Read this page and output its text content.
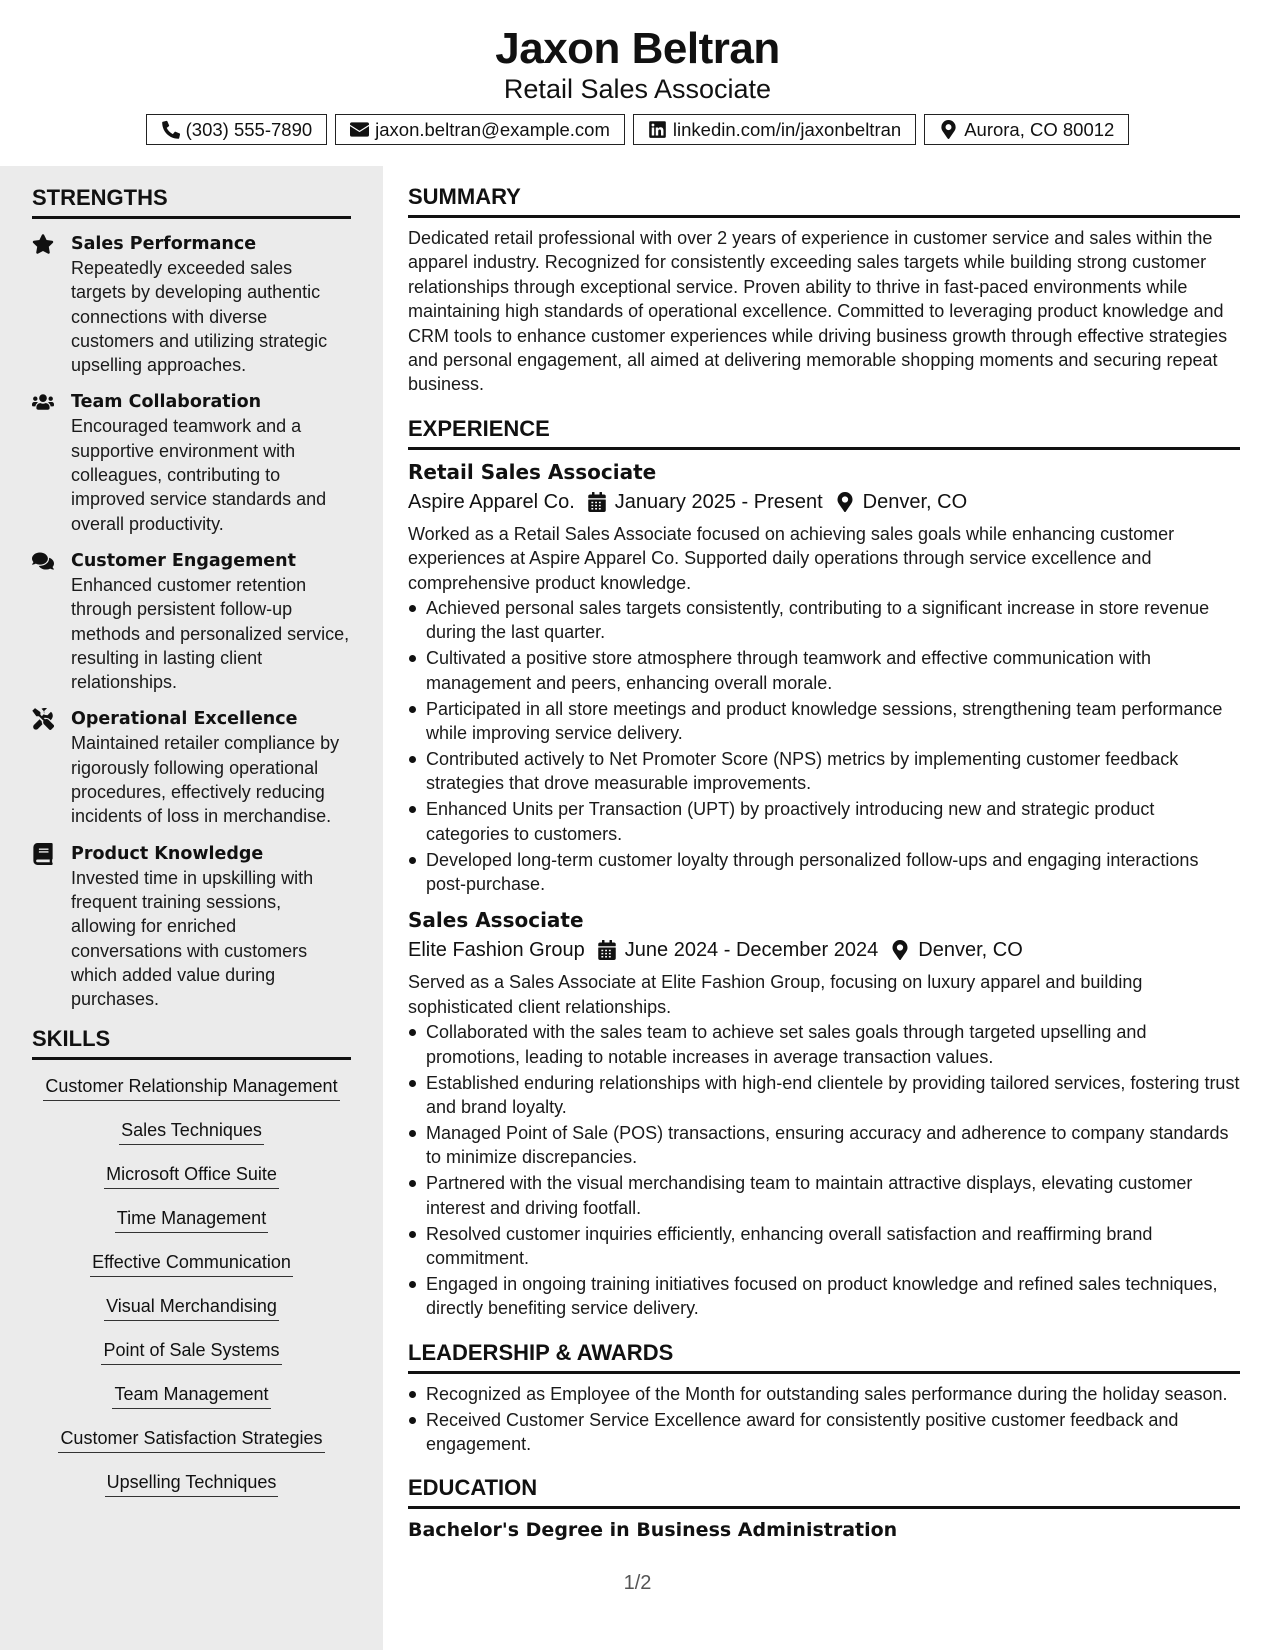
Jaxon Beltran
Retail Sales Associate
(303) 555-7890	jaxon.beltran@example.com	linkedin.com/in/jaxonbeltran	Aurora, CO 80012
STRENGTHS
Sales Performance
Repeatedly exceeded sales targets by developing authentic connections with diverse customers and utilizing strategic upselling approaches.
Team Collaboration
Encouraged teamwork and a supportive environment with colleagues, contributing to improved service standards and overall productivity.
Customer Engagement
Enhanced customer retention through persistent follow-up methods and personalized service, resulting in lasting client relationships.
Operational Excellence
Maintained retailer compliance by rigorously following operational procedures, effectively reducing incidents of loss in merchandise.
Product Knowledge
Invested time in upskilling with frequent training sessions, allowing for enriched conversations with customers which added value during purchases.
SKILLS
Customer Relationship Management
Sales Techniques
Microsoft Office Suite
Time Management
Effective Communication
Visual Merchandising
Point of Sale Systems
Team Management
Customer Satisfaction Strategies
Upselling Techniques
SUMMARY
Dedicated retail professional with over 2 years of experience in customer service and sales within the apparel industry. Recognized for consistently exceeding sales targets while building strong customer relationships through exceptional service. Proven ability to thrive in fast-paced environments while maintaining high standards of operational excellence. Committed to leveraging product knowledge and CRM tools to enhance customer experiences while driving business growth through effective strategies and personal engagement, all aimed at delivering memorable shopping moments and securing repeat business.
EXPERIENCE
Retail Sales Associate
Aspire Apparel Co. January 2025 - Present Denver, CO
Worked as a Retail Sales Associate focused on achieving sales goals while enhancing customer experiences at Aspire Apparel Co. Supported daily operations through service excellence and comprehensive product knowledge.
Achieved personal sales targets consistently, contributing to a significant increase in store revenue during the last quarter.
Cultivated a positive store atmosphere through teamwork and effective communication with management and peers, enhancing overall morale.
Participated in all store meetings and product knowledge sessions, strengthening team performance while improving service delivery.
Contributed actively to Net Promoter Score (NPS) metrics by implementing customer feedback strategies that drove measurable improvements.
Enhanced Units per Transaction (UPT) by proactively introducing new and strategic product categories to customers.
Developed long-term customer loyalty through personalized follow-ups and engaging interactions post-purchase.
Sales Associate
Elite Fashion Group June 2024 - December 2024 Denver, CO
Served as a Sales Associate at Elite Fashion Group, focusing on luxury apparel and building sophisticated client relationships.
Collaborated with the sales team to achieve set sales goals through targeted upselling and promotions, leading to notable increases in average transaction values.
Established enduring relationships with high-end clientele by providing tailored services, fostering trust and brand loyalty.
Managed Point of Sale (POS) transactions, ensuring accuracy and adherence to company standards to minimize discrepancies.
Partnered with the visual merchandising team to maintain attractive displays, elevating customer interest and driving footfall.
Resolved customer inquiries efficiently, enhancing overall satisfaction and reaffirming brand commitment.
Engaged in ongoing training initiatives focused on product knowledge and refined sales techniques, directly benefiting service delivery.
LEADERSHIP & AWARDS
Recognized as Employee of the Month for outstanding sales performance during the holiday season.
Received Customer Service Excellence award for consistently positive customer feedback and engagement.
EDUCATION
Bachelor's Degree in Business Administration
1/2
